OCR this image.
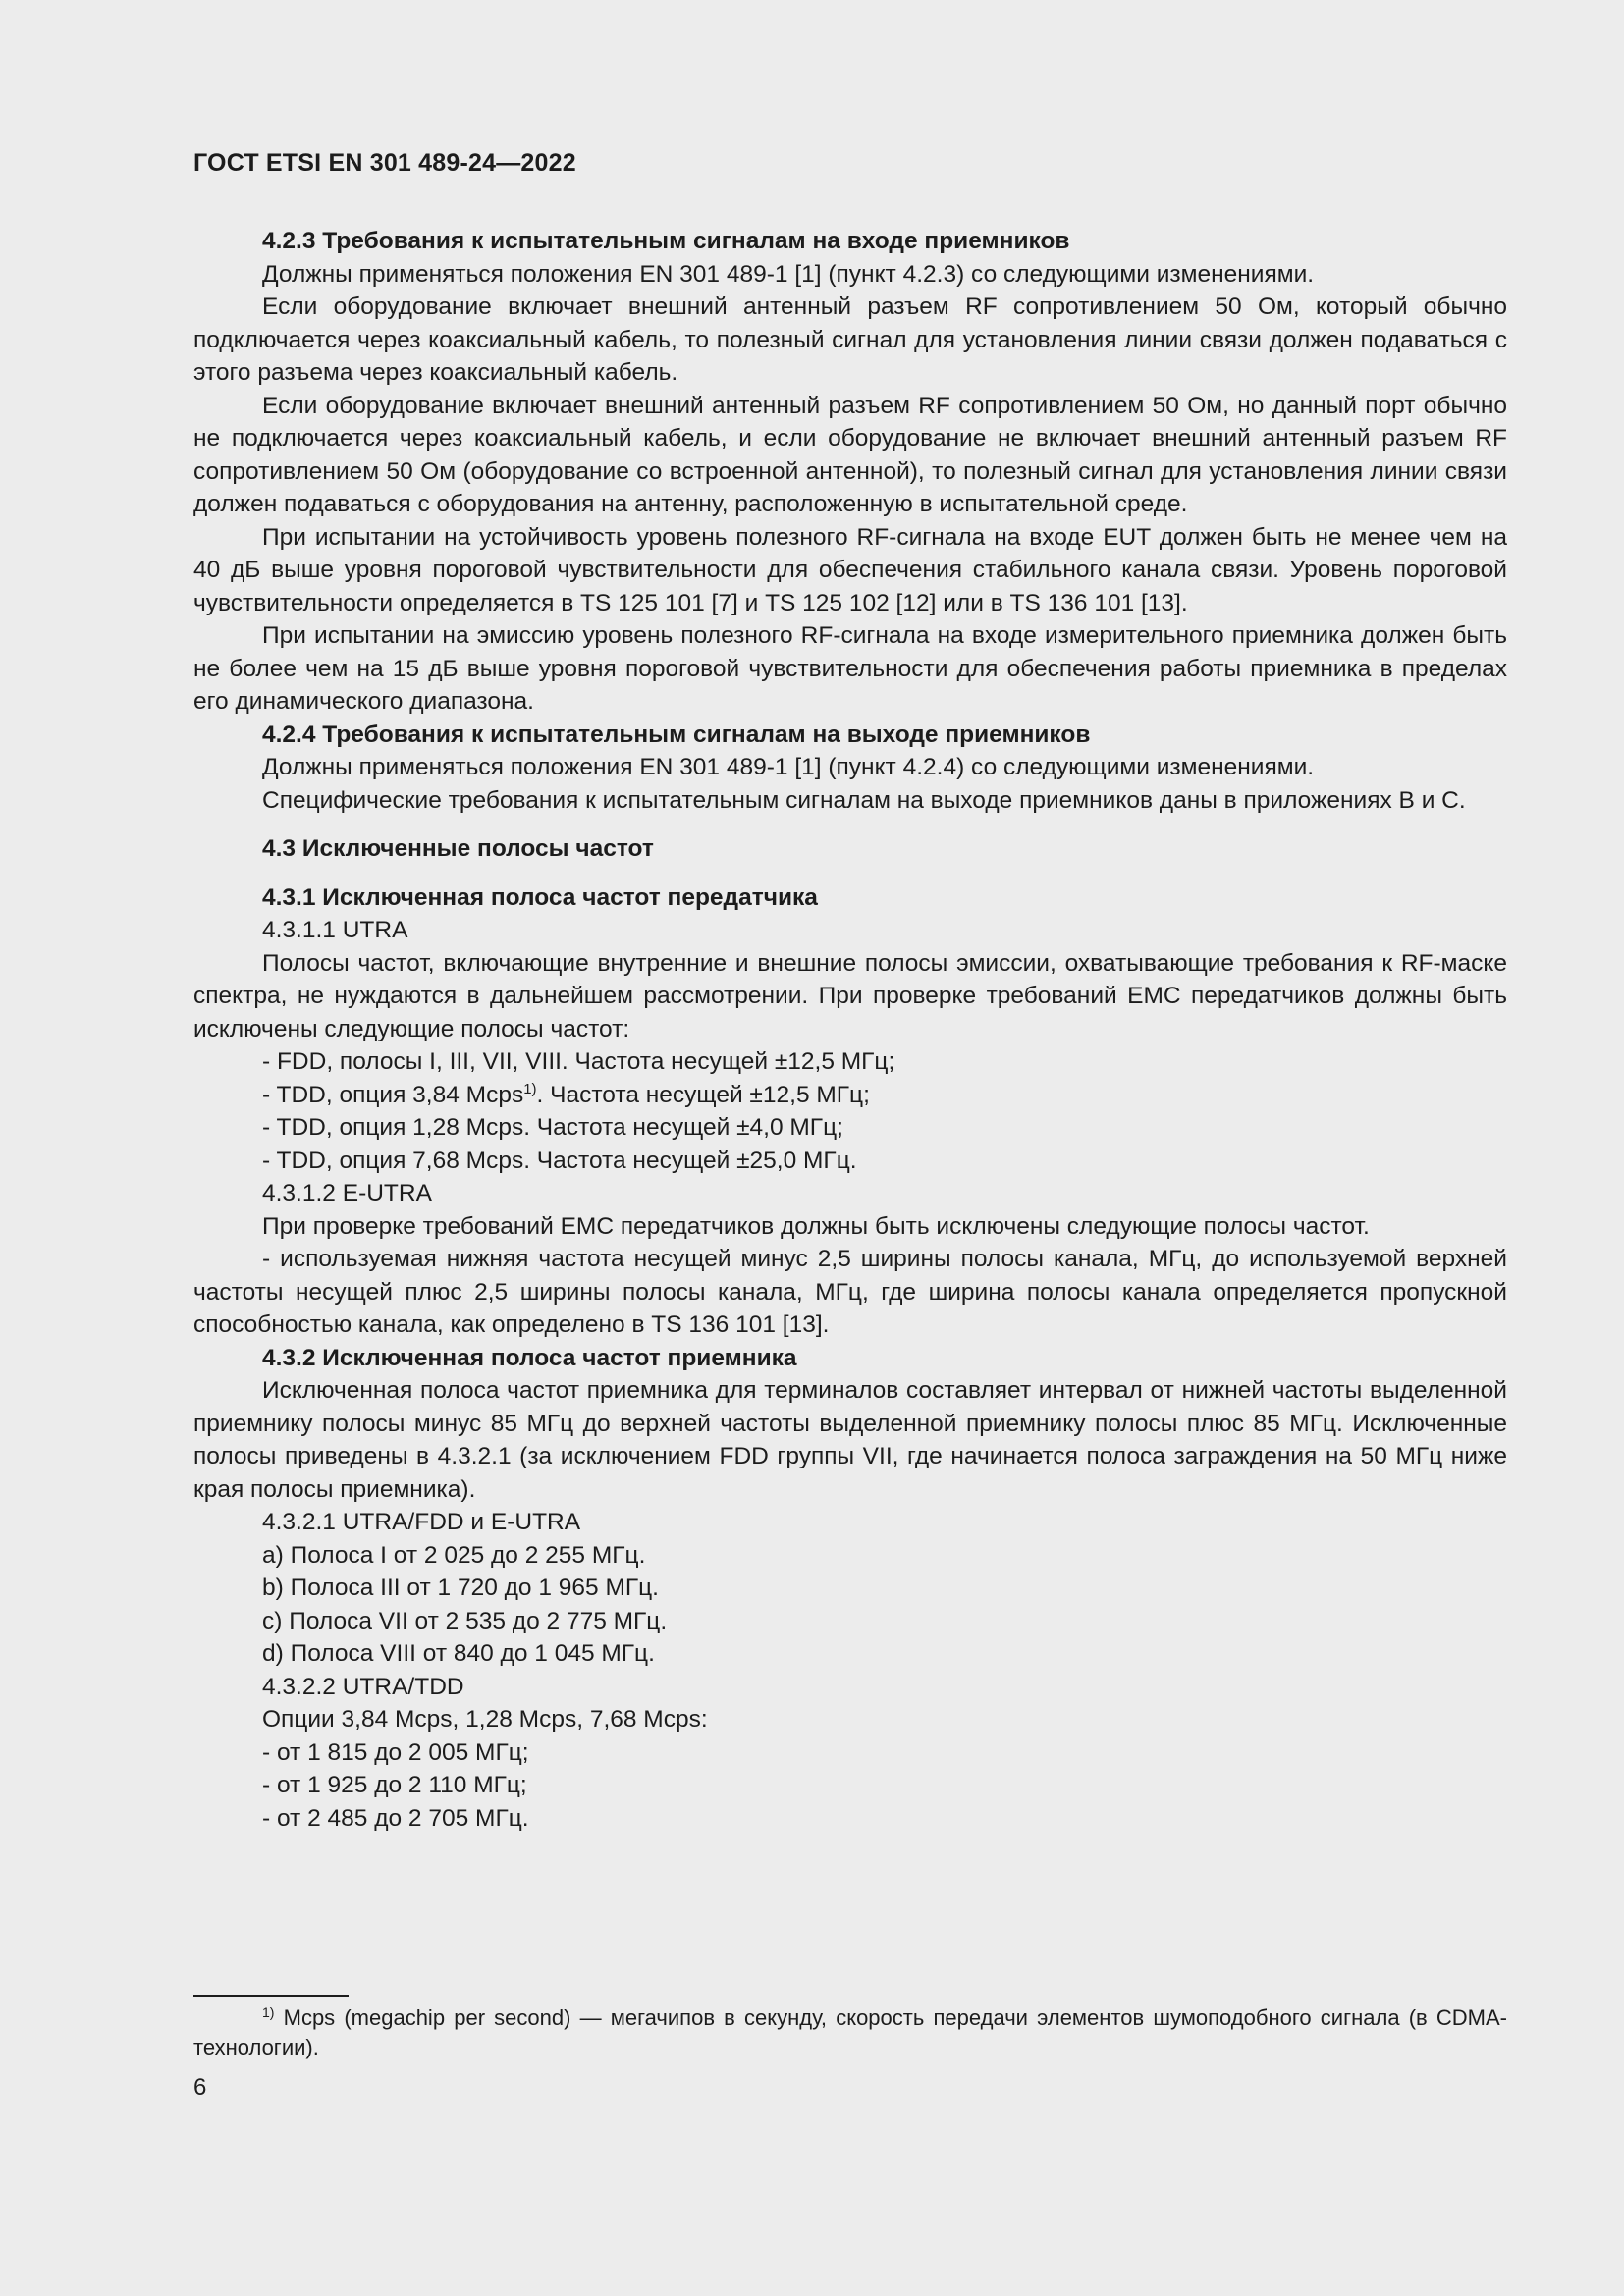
ГОСТ ETSI EN 301 489-24—2022

4.2.3 Требования к испытательным сигналам на входе приемников

Должны применяться положения EN 301 489-1 [1] (пункт 4.2.3) со следующими изменениями.

Если оборудование включает внешний антенный разъем RF сопротивлением 50 Ом, который обычно подключается через коаксиальный кабель, то полезный сигнал для установления линии связи должен подаваться с этого разъема через коаксиальный кабель.

Если оборудование включает внешний антенный разъем RF сопротивлением 50 Ом, но данный порт обычно не подключается через коаксиальный кабель, и если оборудование не включает внешний антенный разъем RF сопротивлением 50 Ом (оборудование со встроенной антенной), то полезный сигнал для установления линии связи должен подаваться с оборудования на антенну, расположенную в испытательной среде.

При испытании на устойчивость уровень полезного RF-сигнала на входе EUT должен быть не менее чем на 40 дБ выше уровня пороговой чувствительности для обеспечения стабильного канала связи. Уровень пороговой чувствительности определяется в TS 125 101 [7] и TS 125 102 [12] или в TS 136 101 [13].

При испытании на эмиссию уровень полезного RF-сигнала на входе измерительного приемника должен быть не более чем на 15 дБ выше уровня пороговой чувствительности для обеспечения работы приемника в пределах его динамического диапазона.

4.2.4 Требования к испытательным сигналам на выходе приемников

Должны применяться положения EN 301 489-1 [1] (пункт 4.2.4) со следующими изменениями.

Специфические требования к испытательным сигналам на выходе приемников даны в приложениях B и C.

4.3 Исключенные полосы частот

4.3.1 Исключенная полоса частот передатчика

4.3.1.1 UTRA

Полосы частот, включающие внутренние и внешние полосы эмиссии, охватывающие требования к RF-маске спектра, не нуждаются в дальнейшем рассмотрении. При проверке требований ЕМС передатчиков должны быть исключены следующие полосы частот:

- FDD, полосы I, III, VII, VIII. Частота несущей ±12,5 МГц;

- TDD, опция 3,84 Mcps$^{1)}$. Частота несущей ±12,5 МГц;

- TDD, опция 1,28 Mcps. Частота несущей ±4,0 МГц;

- TDD, опция 7,68 Mcps. Частота несущей ±25,0 МГц.

4.3.1.2 E-UTRA

При проверке требований ЕМС передатчиков должны быть исключены следующие полосы частот.

- используемая нижняя частота несущей минус 2,5 ширины полосы канала, МГц, до используемой верхней частоты несущей плюс 2,5 ширины полосы канала, МГц, где ширина полосы канала определяется пропускной способностью канала, как определено в TS 136 101 [13].

4.3.2 Исключенная полоса частот приемника

Исключенная полоса частот приемника для терминалов составляет интервал от нижней частоты выделенной приемнику полосы минус 85 МГц до верхней частоты выделенной приемнику полосы плюс 85 МГц. Исключенные полосы приведены в 4.3.2.1 (за исключением FDD группы VII, где начинается полоса заграждения на 50 МГц ниже края полосы приемника).

4.3.2.1 UTRA/FDD и E-UTRA

a) Полоса I от 2 025 до 2 255 МГц.

b) Полоса III от 1 720 до 1 965 МГц.

c) Полоса VII от 2 535 до 2 775 МГц.

d) Полоса VIII от 840 до 1 045 МГц.

4.3.2.2 UTRA/TDD

Опции 3,84 Mcps, 1,28 Mcps, 7,68 Mcps:

- от 1 815 до 2 005 МГц;

- от 1 925 до 2 110 МГц;

- от 2 485 до 2 705 МГц.

$^{1)}$ Mcps (megachip per second) — мегачипов в секунду, скорость передачи элементов шумоподобного сигнала (в CDMA-технологии).
6
